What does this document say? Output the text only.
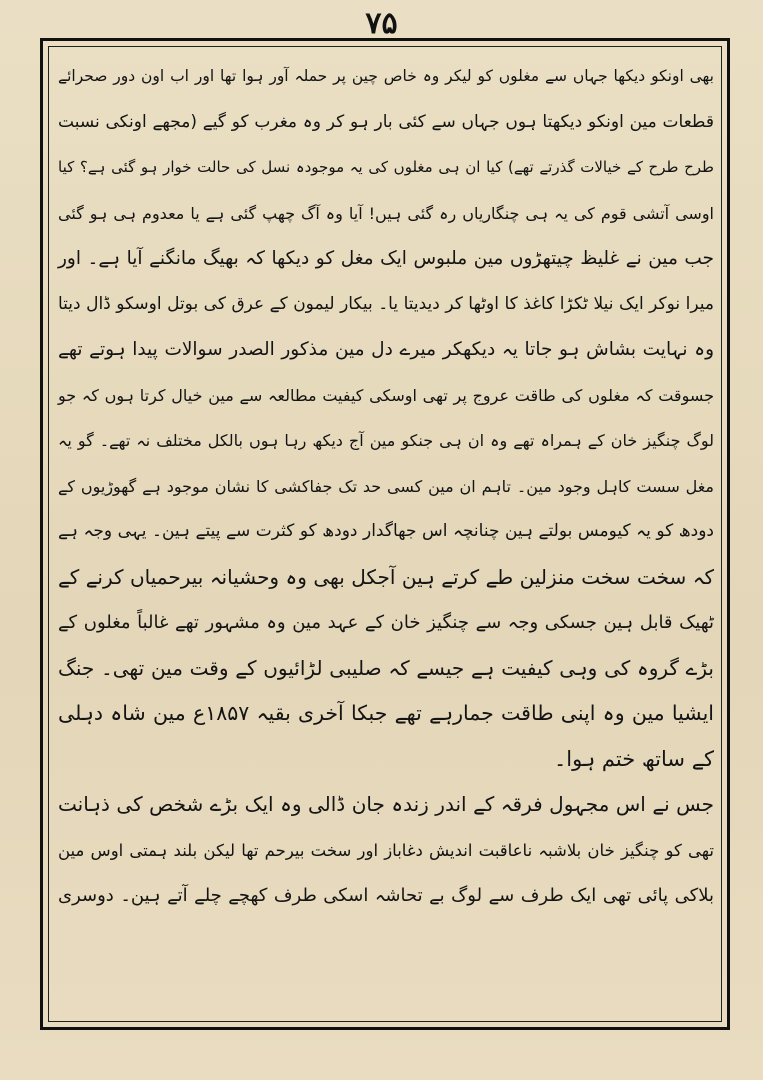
۷۵
بھی اونکو دیکھا جہاں سے مغلوں کو لیکر وہ خاص چین پر حملہ آور ہوا تھا اور اب اون دور صحرائے
قطعات مین اونکو دیکھتا ہوں جہاں سے کئی بار ہو کر وہ مغرب کو گیے (مجھے اونکی نسبت
طرح طرح کے خیالات گذرتے تھے) کیا ان ہی مغلوں کی یہ موجودہ نسل کی حالت خوار ہو گئی ہے؟ کیا
اوسی آتشی قوم کی یہ ہی چنگاریاں رہ گئی ہیں! آیا وہ آگ چھپ گئی ہے یا معدوم ہی ہو گئی
جب مین نے غلیظ چیتھڑوں مین ملبوس ایک مغل کو دیکھا کہ بھیگ مانگنے آیا ہے۔ اور
میرا نوکر ایک نیلا ٹکڑا کاغذ کا اوٹھا کر دیدیتا یا۔ بیکار لیمون کے عرق کی بوتل اوسکو ڈال دیتا
وہ نہایت بشاش ہو جاتا یہ دیکھکر میرے دل مین مذکور الصدر سوالات پیدا ہوتے تھے
جسوقت کہ مغلوں کی طاقت عروج پر تھی اوسکی کیفیت مطالعہ سے مین خیال کرتا ہوں کہ جو
لوگ چنگیز خان کے ہمراہ تھے وہ ان ہی جنکو مین آج دیکھ رہا ہوں بالکل مختلف نہ تھے۔ گو یہ
مغل سست کاہل وجود مین۔ تاہم ان مین کسی حد تک جفاکشی کا نشان موجود ہے گھوڑیوں کے
دودھ کو یہ کیومس بولتے ہین چنانچہ اس جھاگدار دودھ کو کثرت سے پیتے ہین۔ یہی وجہ ہے
کہ سخت سخت منزلین طے کرتے ہین آجکل بھی وہ وحشیانہ بیرحمیاں کرنے کے
ٹھیک قابل ہین جسکی وجہ سے چنگیز خان کے عہد مین وہ مشہور تھے غالباً مغلوں کے
بڑے گروہ کی وہی کیفیت ہے جیسے کہ صلیبی لڑائیوں کے وقت مین تھی۔ جنگ
ایشیا مین وہ اپنی طاقت جمارہے تھے جبکا آخری بقیہ ۱۸۵۷ع مین شاہ دہلی
کے ساتھ ختم ہوا۔
جس نے اس مجہول فرقہ کے اندر زندہ جان ڈالی وہ ایک بڑے شخص کی ذہانت
تھی کو چنگیز خان بلاشبہ ناعاقبت اندیش دغاباز اور سخت بیرحم تھا لیکن بلند ہمتی اوس مین
بلاکی پائی تھی ایک طرف سے لوگ بے تحاشہ اسکی طرف کھچے چلے آتے ہین۔ دوسری
